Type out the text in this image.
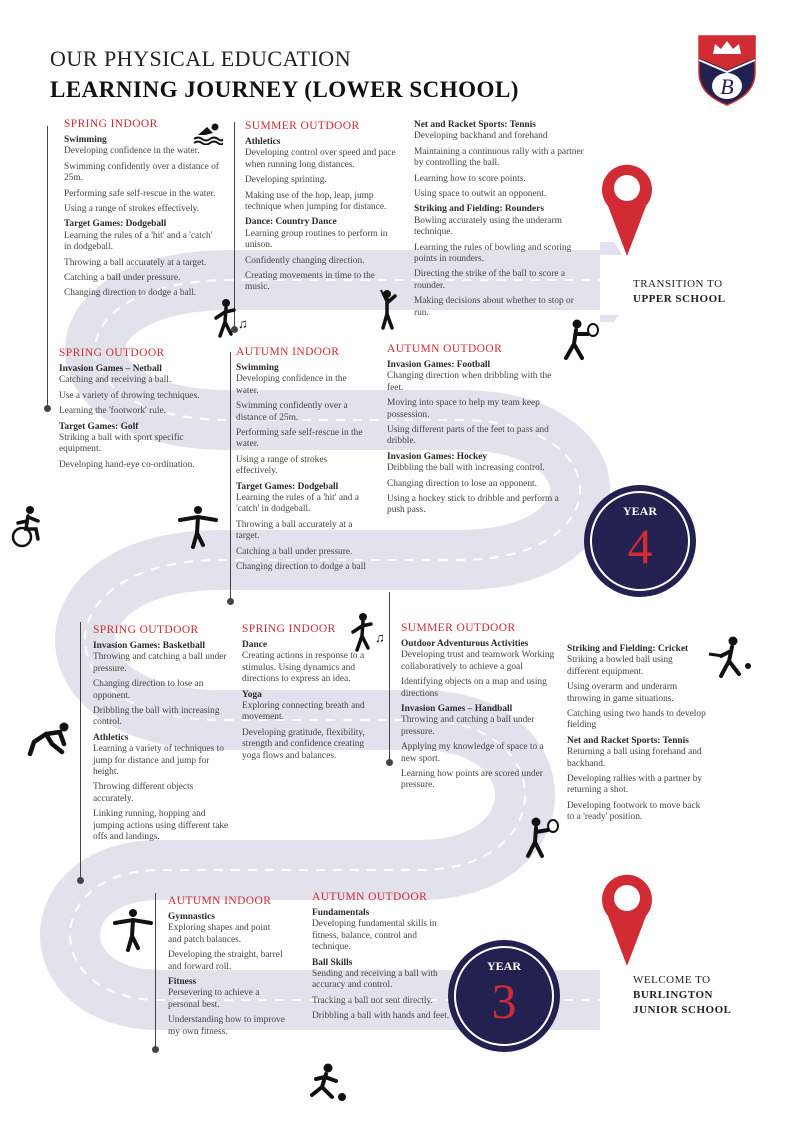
OUR PHYSICAL EDUCATION
LEARNING JOURNEY (LOWER SCHOOL)	B
TRANSITION TO
UPPER SCHOOL
WELCOME TO
BURLINGTON
JUNIOR SCHOOL
YEAR
4
YEAR
3
SPRING INDOOR
Swimming

Developing confidence in the water.

Swimming confidently over a distance of 25m.

Performing safe self-rescue in the water.

Using a range of strokes effectively.

Target Games: Dodgeball

Learning the rules of a 'hit' and a 'catch' in dodgeball.

Throwing a ball accurately at a target.

Catching a ball under pressure.

Changing direction to dodge a ball.

SUMMER OUTDOOR
Athletics

Developing control over speed and pace when running long distances.

Developing sprinting.

Making use of the hop, leap, jump technique when jumping for distance.

Dance: Country Dance

Learning group routines to perform in unison.

Confidently changing direction.

Creating movements in time to the music.

Net and Racket Sports: Tennis

Developing backhand and forehand

Maintaining a continuous rally with a partner by controlling the ball.

Learning how to score points.

Using space to outwit an opponent.

Striking and Fielding: Rounders

Bowling accurately using the underarm technique.

Learning the rules of bowling and scoring points in rounders.

Directing the strike of the ball to score a rounder.

Making decisions about whether to stop or run.

SPRING OUTDOOR
Invasion Games – Netball

Catching and receiving a ball.

Use a variety of throwing techniques.

Learning the 'footwork' rule.

Target Games: Golf

Striking a ball with sport specific equipment.

Developing hand-eye co-ordination.

AUTUMN INDOOR
Swimming

Developing confidence in the water.

Swimming confidently over a distance of 25m.

Performing safe self-rescue in the water.

Using a range of strokes effectively.

Target Games: Dodgeball

Learning the rules of a 'hit' and a 'catch' in dodgeball.

Throwing a ball accurately at a target.

Catching a ball under pressure.

Changing direction to dodge a ball

AUTUMN OUTDOOR
Invasion Games: Football

Changing direction when dribbling with the feet.

Moving into space to help my team keep possession.

Using different parts of the feet to pass and dribble.

Invasion Games: Hockey

Dribbling the ball with increasing control.

Changing direction to lose an opponent.

Using a hockey stick to dribble and perform a push pass.

SPRING OUTDOOR
Invasion Games: Basketball

Throwing and catching a ball under pressure.

Changing direction to lose an opponent.

Dribbling the ball with increasing control.

Athletics

Learning a variety of techniques to jump for distance and jump for height.

Throwing different objects accurately.

Linking running, hopping and jumping actions using different take offs and landings.

SPRING INDOOR
Dance

Creating actions in response to a stimulus. Using dynamics and directions to express an idea.

Yoga

Exploring connecting breath and movement.

Developing gratitude, flexibility, strength and confidence creating yoga flows and balances.

SUMMER OUTDOOR
Outdoor Adventurous Activities

Developing trust and teamwork Working collaboratively to achieve a goal

Identifying objects on a map and using directions

Invasion Games – Handball

Throwing and catching a ball under pressure.

Applying my knowledge of space to a new sport.

Learning how points are scored under pressure.

Striking and Fielding: Cricket

Striking a bowled ball using different equipment.

Using overarm and underarm throwing in game situations.

Catching using two hands to develop fielding

Net and Racket Sports: Tennis

Returning a ball using forehand and backhand.

Developing rallies with a partner by returning a shot.

Developing footwork to move back to a 'ready' position.

AUTUMN INDOOR
Gymnastics

Exploring shapes and point and patch balances.

Developing the straight, barrel and forward roll.

Fitness

Persevering to achieve a personal best.

Understanding how to improve my own fitness.

AUTUMN OUTDOOR
Fundamentals

Developing fundamental skills in fitness, balance, control and technique.

Ball Skills

Sending and receiving a ball with accuracy and control.

Tracking a ball not sent directly.

Dribbling a ball with hands and feet.

♫
♫
